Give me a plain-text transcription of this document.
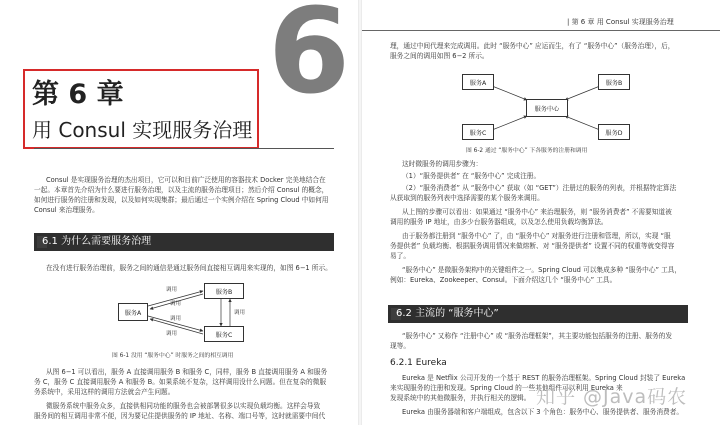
6
第 6 章
用 Consul 实现服务治理
Consul 是实现服务治理的杰出项目，它可以和目前广泛使用的容器技术 Docker 完美地结合在
一起。本章首先介绍为什么要进行服务治理，以及主流的服务治理项目；然后介绍 Consul 的概念，
如何进行服务的注册和发现，以及如何实现集群；最后通过一个实例介绍在 Spring Cloud 中如何用
Consul 来治理服务。
6.1 为什么需要服务治理
在没有进行服务治理前，服务之间的通信是通过服务间直接相互调用来实现的，如图 6−1 所示。
服务A
服务B
服务C
调用
调用
调用
调用
调用
图 6-1 没用 “服务中心” 时服务之间的相互调用
从图 6−1 可以看出，服务 A 直接调用服务 B 和服务 C，同样，服务 B 直接调用服务 A 和服务
务 C，服务 C 直接调用服务 A 和服务 B。如果系统不复杂，这样调用没什么问题。但在复杂的微服
务系统中，采用这样的调用方法就会产生问题。
微服务系统中服务众多，直接供相同功能的服务也会被部署很多以实现负载均衡。这样会导致
服务间的相互调用非常不便，因为要记住提供服务的 IP 地址、名称、端口号等，这时就需要中间代
| 第 6 章 用 Consul 实现服务治理
理，通过中间代理来完成调用。此时 “服务中心” 应运而生，有了 “服务中心”（服务治理），后，
服务之间的调用如图 6−2 所示。
服务A	服务B
服务中心
服务C	服务D
图 6-2 通过 “服务中心” 下各服务的注册和调用
这时微服务的调用步骤为：
（1）“服务提供者” 在 “服务中心” 完成注册。
（2）“服务消费者” 从 “服务中心” 获取（如 “GET”）注册过的服务的列表，并根据特定算法
从获取到的服务列表中选择需要的某个服务来调用。
从上图的步骤可以看出：如果通过 “服务中心” 来治理服务，则 “服务消费者” 不需要知道被
调用的服务 IP 地址，由多少台服务器组成，以及怎么使用负载均衡算法。
由于服务都注册到 “服务中心” 了，由 “服务中心” 对服务进行注册和管理，所以，实现 “服
务提供者” 负载均衡、根据服务调用情况来做熔断、对 “服务提供者” 设置不同的权重等就变得容
易了。
“服务中心” 是微服务架构中的关键组件之一。Spring Cloud 可以集成多种 “服务中心” 工具，
例如：Eureka、Zookeeper、Consul。下面介绍这几个 “服务中心” 工具。
6.2 主流的 “服务中心”
“服务中心” 又称作 “注册中心” 或 “服务治理框架”，其主要功能包括服务的注册、服务的发
现等。
6.2.1 Eureka
Eureka 是 Netflix 公司开发的一个基于 REST 的服务治理框架。Spring Cloud 封装了 Eureka
来实现服务的注册和发现。Spring Cloud 的一些其他组件可以利用 Eureka 来
发现系统中的其他微服务，并执行相关的逻辑。
Eureka 由服务器端和客户端组成，包含以下 3 个角色：服务中心、服务提供者、服务消费者。
知乎 @Java码农
